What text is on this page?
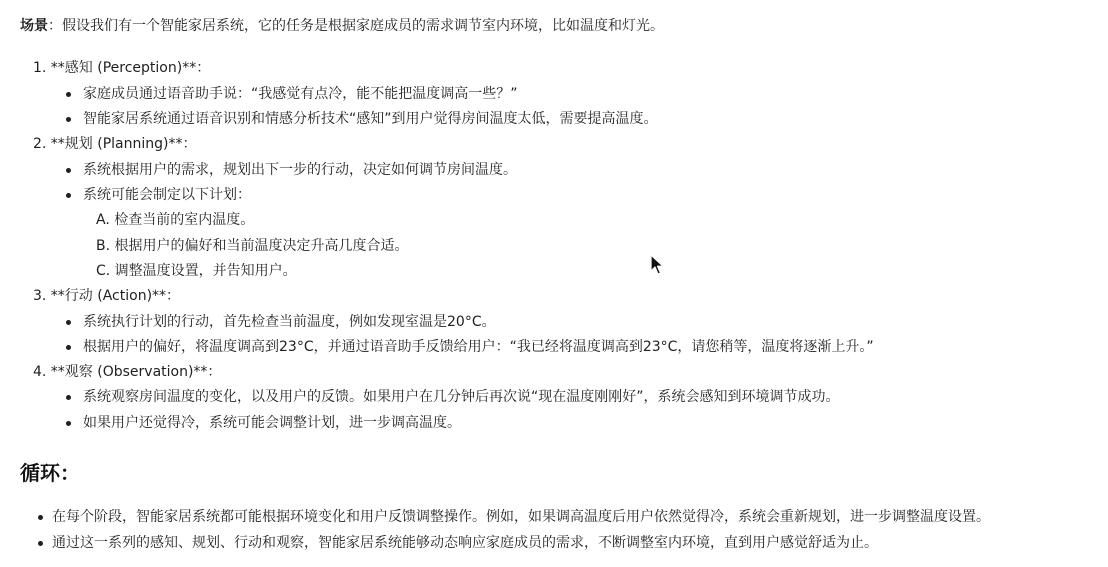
场景：假设我们有一个智能家居系统，它的任务是根据家庭成员的需求调节室内环境，比如温度和灯光。
1. **感知 (Perception)**：
家庭成员通过语音助手说：“我感觉有点冷，能不能把温度调高一些？”
智能家居系统通过语音识别和情感分析技术“感知”到用户觉得房间温度太低，需要提高温度。
2. **规划 (Planning)**：
系统根据用户的需求，规划出下一步的行动，决定如何调节房间温度。
系统可能会制定以下计划：
A. 检查当前的室内温度。
B. 根据用户的偏好和当前温度决定升高几度合适。
C. 调整温度设置，并告知用户。
3. **行动 (Action)**：
系统执行计划的行动，首先检查当前温度，例如发现室温是20°C。
根据用户的偏好，将温度调高到23°C，并通过语音助手反馈给用户：“我已经将温度调高到23°C，请您稍等，温度将逐渐上升。”
4. **观察 (Observation)**：
系统观察房间温度的变化，以及用户的反馈。如果用户在几分钟后再次说“现在温度刚刚好”，系统会感知到环境调节成功。
如果用户还觉得冷，系统可能会调整计划，进一步调高温度。
循环：
在每个阶段，智能家居系统都可能根据环境变化和用户反馈调整操作。例如，如果调高温度后用户依然觉得冷，系统会重新规划，进一步调整温度设置。
通过这一系列的感知、规划、行动和观察，智能家居系统能够动态响应家庭成员的需求，不断调整室内环境，直到用户感觉舒适为止。
